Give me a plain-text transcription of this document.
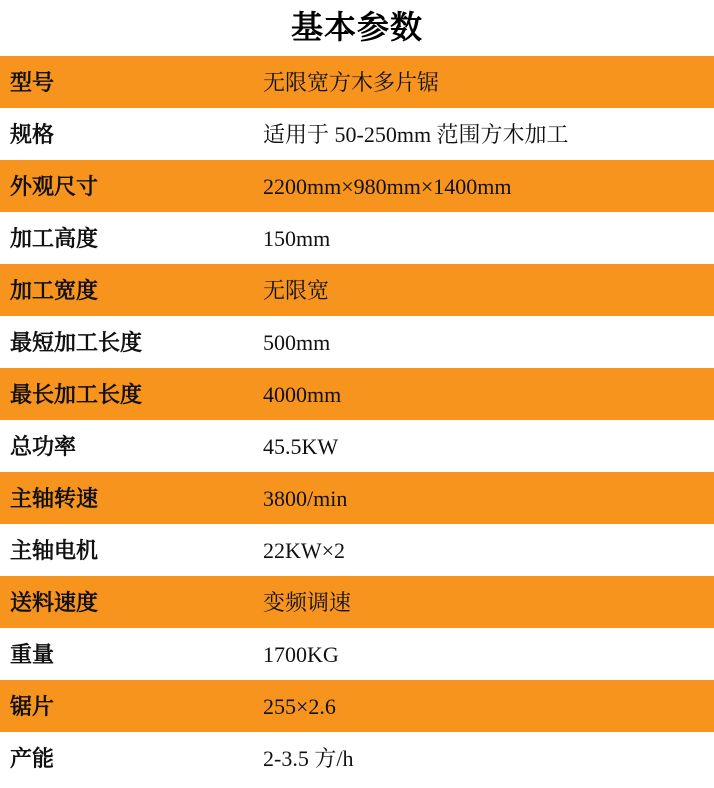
基本参数
型号	无限宽方木多片锯
规格	适用于 50-250mm 范围方木加工
外观尺寸	2200mm×980mm×1400mm
加工高度	150mm
加工宽度	无限宽
最短加工长度	500mm
最长加工长度	4000mm
总功率	45.5KW
主轴转速	3800/min
主轴电机	22KW×2
送料速度	变频调速
重量	1700KG
锯片	255×2.6
产能	2-3.5 方/h
